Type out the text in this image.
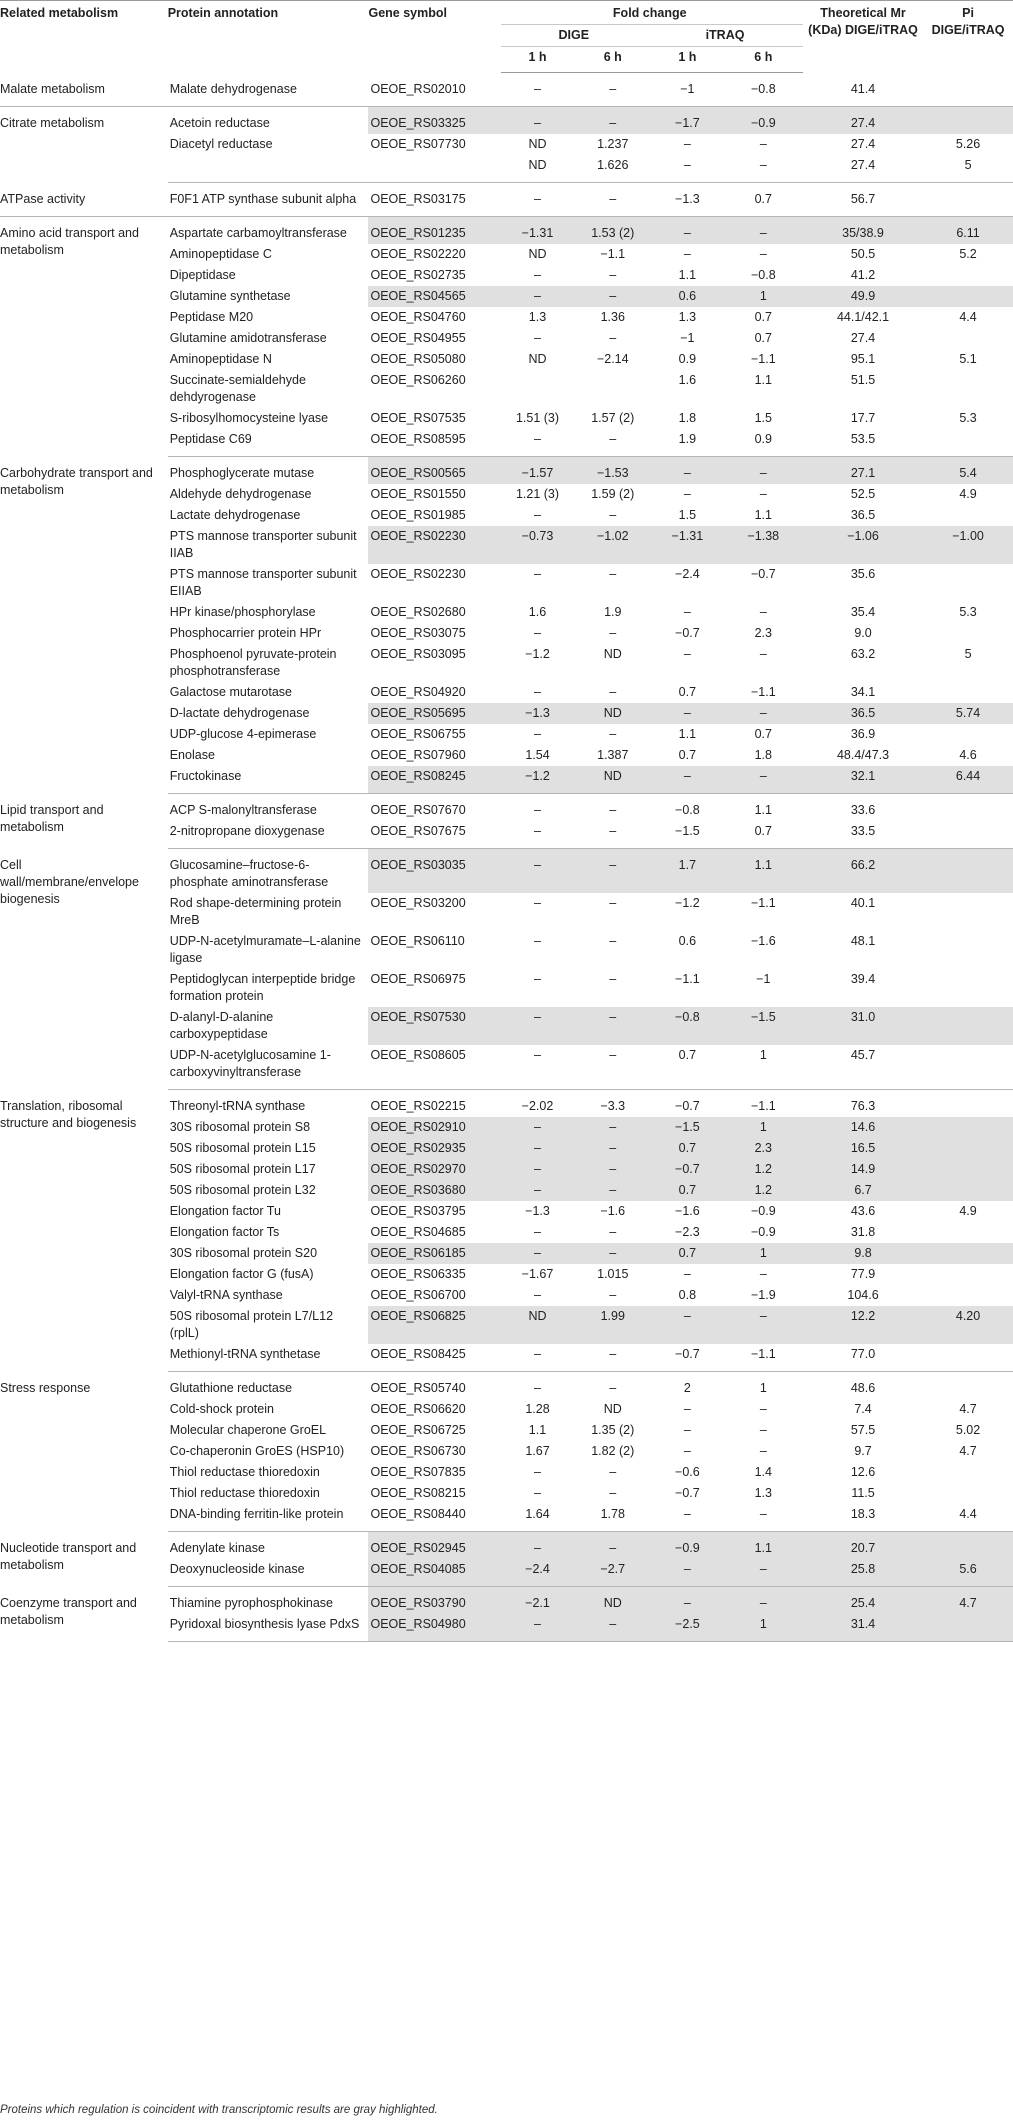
Related metabolism	Protein annotation	Gene symbol	Fold change				Theoretical Mr (KDa) DIGE/iTRAQ	Pi DIGE/iTRAQ
			DIGE		iTRAQ			
			1 h	6 h	1 h	6 h		
Malate metabolism	Malate dehydrogenase	OEOE_RS02010	–	–	−1	−0.8	41.4	
Citrate metabolism	Acetoin reductase	OEOE_RS03325	–	–	−1.7	−0.9	27.4	
	Diacetyl reductase	OEOE_RS07730	ND	1.237	–	–	27.4	5.26
			ND	1.626	–	–	27.4	5
ATPase activity	F0F1 ATP synthase subunit alpha	OEOE_RS03175	–	–	−1.3	0.7	56.7	
Amino acid transport and metabolism	Aspartate carbamoyltransferase	OEOE_RS01235	−1.31	1.53 (2)	–	–	35/38.9	6.11
	Aminopeptidase C	OEOE_RS02220	ND	−1.1	–	–	50.5	5.2
	Dipeptidase	OEOE_RS02735	–	–	1.1	−0.8	41.2	
	Glutamine synthetase	OEOE_RS04565	–	–	0.6	1	49.9	
	Peptidase M20	OEOE_RS04760	1.3	1.36	1.3	0.7	44.1/42.1	4.4
	Glutamine amidotransferase	OEOE_RS04955	–	–	−1	0.7	27.4	
	Aminopeptidase N	OEOE_RS05080	ND	−2.14	0.9	−1.1	95.1	5.1
	Succinate-semialdehyde dehdyrogenase	OEOE_RS06260			1.6	1.1	51.5	
	S-ribosylhomocysteine lyase	OEOE_RS07535	1.51 (3)	1.57 (2)	1.8	1.5	17.7	5.3
	Peptidase C69	OEOE_RS08595	–	–	1.9	0.9	53.5	
Carbohydrate transport and metabolism	Phosphoglycerate mutase	OEOE_RS00565	−1.57	−1.53	–	–	27.1	5.4
	Aldehyde dehydrogenase	OEOE_RS01550	1.21 (3)	1.59 (2)	–	–	52.5	4.9
	Lactate dehydrogenase	OEOE_RS01985	–	–	1.5	1.1	36.5	
	PTS mannose transporter subunit IIAB	OEOE_RS02230	−0.73	−1.02	−1.31	−1.38	−1.06	−1.00
	PTS mannose transporter subunit EIIAB	OEOE_RS02230	–	–	−2.4	−0.7	35.6	
	HPr kinase/phosphorylase	OEOE_RS02680	1.6	1.9	–	–	35.4	5.3
	Phosphocarrier protein HPr	OEOE_RS03075	–	–	−0.7	2.3	9.0	
	Phosphoenol pyruvate-protein phosphotransferase	OEOE_RS03095	−1.2	ND	–	–	63.2	5
	Galactose mutarotase	OEOE_RS04920	–	–	0.7	−1.1	34.1	
	D-lactate dehydrogenase	OEOE_RS05695	−1.3	ND	–	–	36.5	5.74
	UDP-glucose 4-epimerase	OEOE_RS06755	–	–	1.1	0.7	36.9	
	Enolase	OEOE_RS07960	1.54	1.387	0.7	1.8	48.4/47.3	4.6
	Fructokinase	OEOE_RS08245	−1.2	ND	–	–	32.1	6.44
Lipid transport and metabolism	ACP S-malonyltransferase	OEOE_RS07670	–	–	−0.8	1.1	33.6	
	2-nitropropane dioxygenase	OEOE_RS07675	–	–	−1.5	0.7	33.5	
Cell wall/membrane/envelope biogenesis	Glucosamine–fructose-6-phosphate aminotransferase	OEOE_RS03035	–	–	1.7	1.1	66.2	
	Rod shape-determining protein MreB	OEOE_RS03200	–	–	−1.2	−1.1	40.1	
	UDP-N-acetylmuramate–L-alanine ligase	OEOE_RS06110	–	–	0.6	−1.6	48.1	
	Peptidoglycan interpeptide bridge formation protein	OEOE_RS06975	–	–	−1.1	−1	39.4	
	D-alanyl-D-alanine carboxypeptidase	OEOE_RS07530	–	–	−0.8	−1.5	31.0	
	UDP-N-acetylglucosamine 1-carboxyvinyltransferase	OEOE_RS08605	–	–	0.7	1	45.7	
Translation, ribosomal structure and biogenesis	Threonyl-tRNA synthase	OEOE_RS02215	−2.02	−3.3	−0.7	−1.1	76.3	
	30S ribosomal protein S8	OEOE_RS02910	–	–	−1.5	1	14.6	
	50S ribosomal protein L15	OEOE_RS02935	–	–	0.7	2.3	16.5	
	50S ribosomal protein L17	OEOE_RS02970	–	–	−0.7	1.2	14.9	
	50S ribosomal protein L32	OEOE_RS03680	–	–	0.7	1.2	6.7	
	Elongation factor Tu	OEOE_RS03795	−1.3	−1.6	−1.6	−0.9	43.6	4.9
	Elongation factor Ts	OEOE_RS04685	–	–	−2.3	−0.9	31.8	
	30S ribosomal protein S20	OEOE_RS06185	–	–	0.7	1	9.8	
	Elongation factor G (fusA)	OEOE_RS06335	−1.67	1.015	–	–	77.9	
	Valyl-tRNA synthase	OEOE_RS06700	–	–	0.8	−1.9	104.6	
	50S ribosomal protein L7/L12 (rplL)	OEOE_RS06825	ND	1.99	–	–	12.2	4.20
	Methionyl-tRNA synthetase	OEOE_RS08425	–	–	−0.7	−1.1	77.0	
Stress response	Glutathione reductase	OEOE_RS05740	–	–	2	1	48.6	
	Cold-shock protein	OEOE_RS06620	1.28	ND	–	–	7.4	4.7
	Molecular chaperone GroEL	OEOE_RS06725	1.1	1.35 (2)	–	–	57.5	5.02
	Co-chaperonin GroES (HSP10)	OEOE_RS06730	1.67	1.82 (2)	–	–	9.7	4.7
	Thiol reductase thioredoxin	OEOE_RS07835	–	–	−0.6	1.4	12.6	
	Thiol reductase thioredoxin	OEOE_RS08215	–	–	−0.7	1.3	11.5	
	DNA-binding ferritin-like protein	OEOE_RS08440	1.64	1.78	–	–	18.3	4.4
Nucleotide transport and metabolism	Adenylate kinase	OEOE_RS02945	–	–	−0.9	1.1	20.7	
	Deoxynucleoside kinase	OEOE_RS04085	−2.4	−2.7	–	–	25.8	5.6
Coenzyme transport and metabolism	Thiamine pyrophosphokinase	OEOE_RS03790	−2.1	ND	–	–	25.4	4.7
	Pyridoxal biosynthesis lyase PdxS	OEOE_RS04980	–	–	−2.5	1	31.4	
Proteins which regulation is coincident with transcriptomic results are gray highlighted.
